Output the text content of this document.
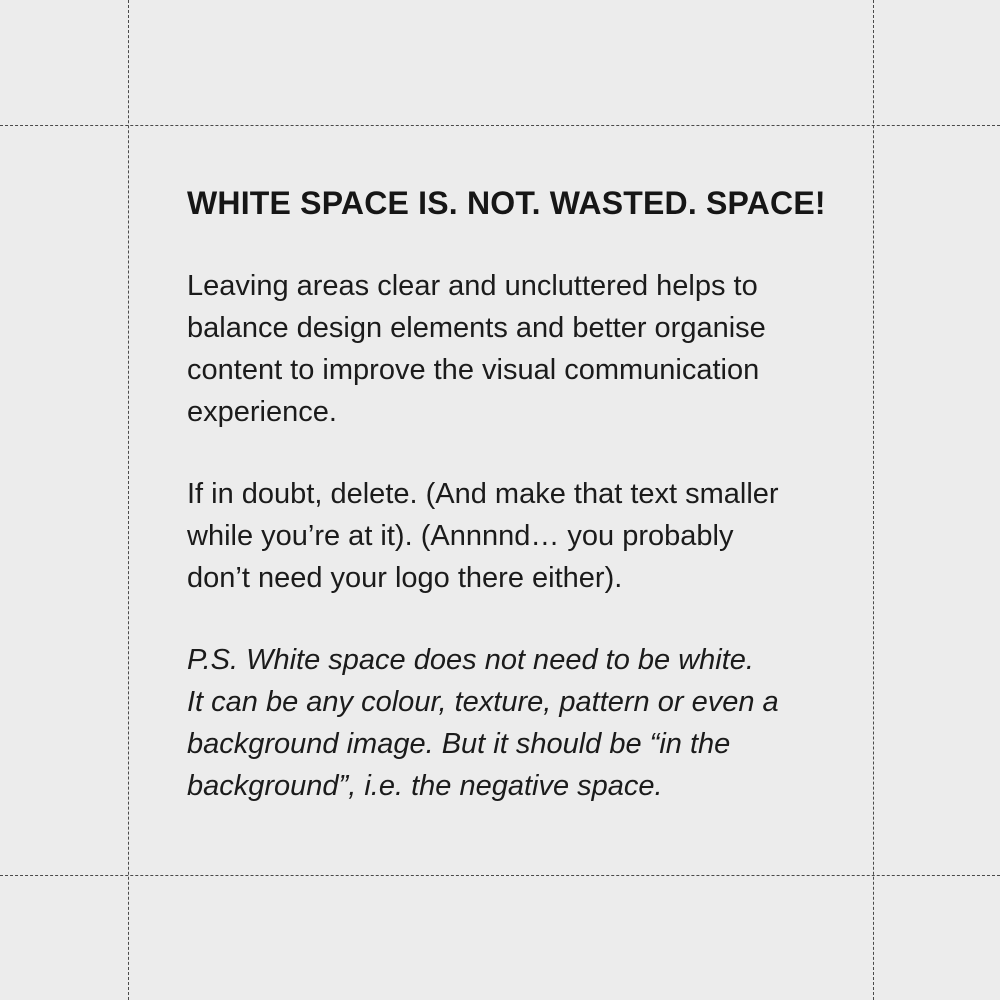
WHITE SPACE IS. NOT. WASTED. SPACE!

Leaving areas clear and uncluttered helps to
balance design elements and better organise
content to improve the visual communication
experience.

If in doubt, delete. (And make that text smaller
while you’re at it). (Annnnd… you probably
don’t need your logo there either).

P.S. White space does not need to be white.
It can be any colour, texture, pattern or even a
background image. But it should be “in the
background”, i.e. the negative space.
